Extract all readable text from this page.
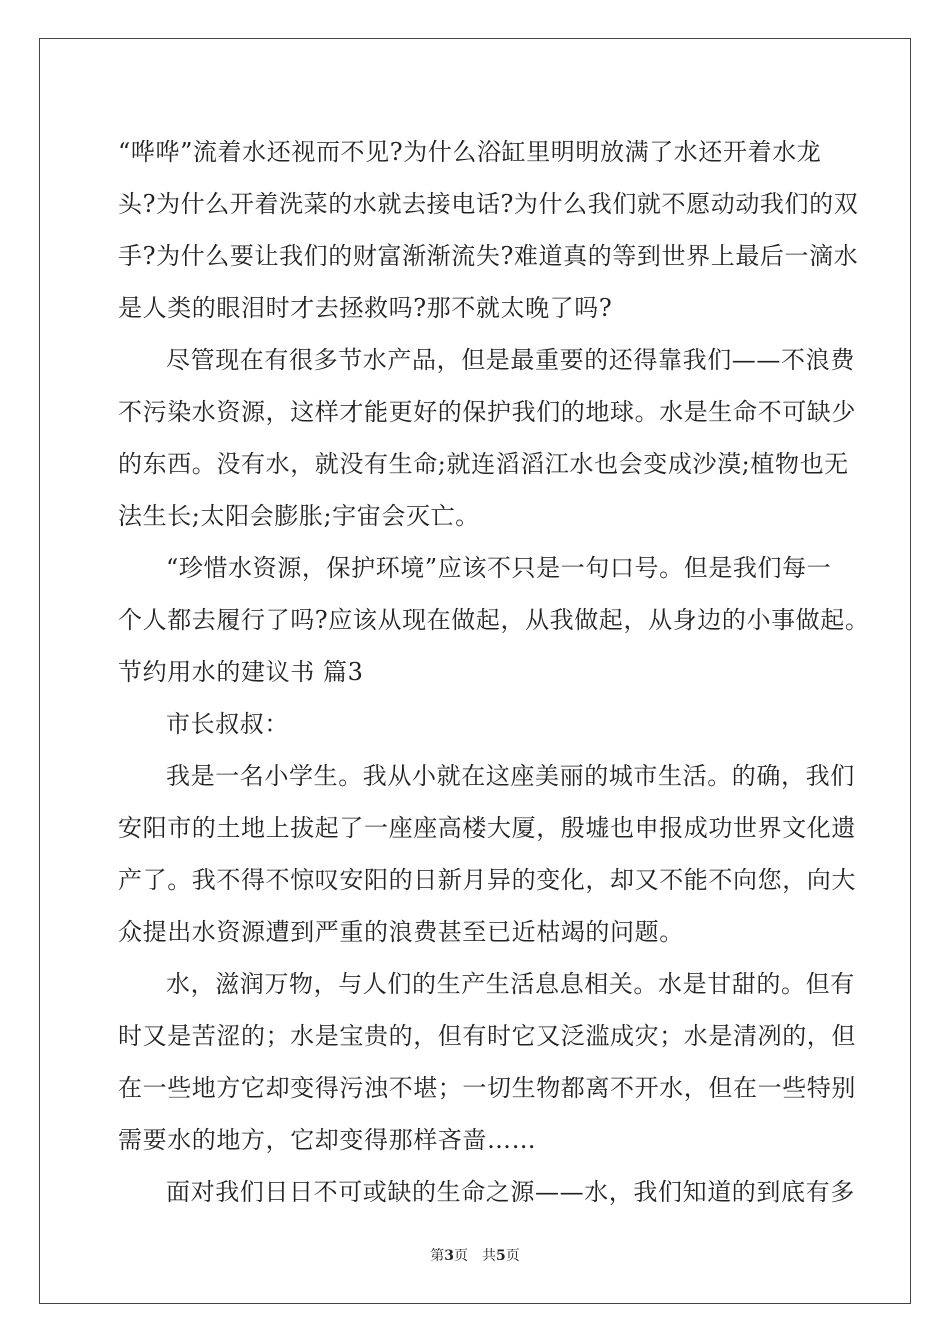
“哗哗”流着水还视而不见?为什么浴缸里明明放满了水还开着水龙
头?为什么开着洗菜的水就去接电话?为什么我们就不愿动动我们的双
手?为什么要让我们的财富渐渐流失?难道真的等到世界上最后一滴水
是人类的眼泪时才去拯救吗?那不就太晚了吗?
尽管现在有很多节水产品，但是最重要的还得靠我们——不浪费
不污染水资源，这样才能更好的保护我们的地球。水是生命不可缺少
的东西。没有水，就没有生命;就连滔滔江水也会变成沙漠;植物也无
法生长;太阳会膨胀;宇宙会灭亡。
“珍惜水资源，保护环境”应该不只是一句口号。但是我们每一
个人都去履行了吗?应该从现在做起，从我做起，从身边的小事做起。
节约用水的建议书 篇3
市长叔叔：
我是一名小学生。我从小就在这座美丽的城市生活。的确，我们
安阳市的土地上拔起了一座座高楼大厦，殷墟也申报成功世界文化遗
产了。我不得不惊叹安阳的日新月异的变化，却又不能不向您，向大
众提出水资源遭到严重的浪费甚至已近枯竭的问题。
水，滋润万物，与人们的生产生活息息相关。水是甘甜的。但有
时又是苦涩的；水是宝贵的，但有时它又泛滥成灾；水是清冽的，但
在一些地方它却变得污浊不堪；一切生物都离不开水，但在一些特别
需要水的地方，它却变得那样吝啬……
面对我们日日不可或缺的生命之源——水，我们知道的到底有多
第3页 共5页
